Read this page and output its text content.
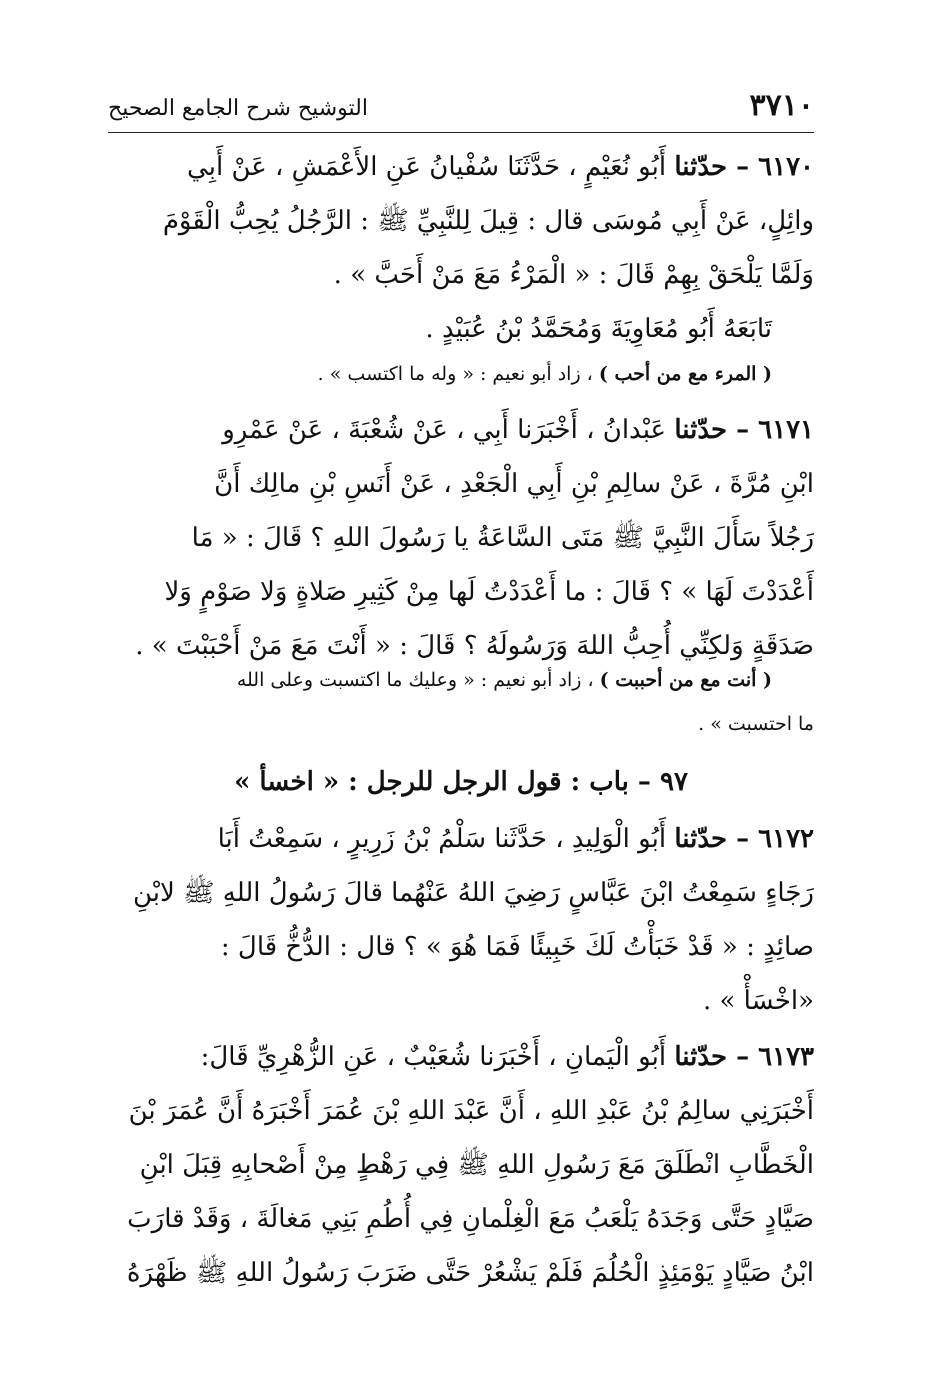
٣٧١٠
التوشيح شرح الجامع الصحيح
٦١٧٠ – حدّثنا أَبُو نُعَيْمٍ ، حَدَّثَنَا سُفْيانُ عَنِ الأَعْمَشِ ، عَنْ أَبِي
وائِلٍ، عَنْ أَبِي مُوسَى قال : قِيلَ لِلنَّبِيِّ ﷺ : الرَّجُلُ يُحِبُّ الْقَوْمَ
وَلَمَّا يَلْحَقْ بِهِمْ قَالَ : « الْمَرْءُ مَعَ مَنْ أَحَبَّ » .
تَابَعَهُ أَبُو مُعَاوِيَةَ وَمُحَمَّدُ بْنُ عُبَيْدٍ .
( المرء مع من أحب ) ، زاد أبو نعيم : « وله ما اكتسب » .
٦١٧١ – حدّثنا عَبْدانُ ، أَخْبَرَنا أَبِي ، عَنْ شُعْبَةَ ، عَنْ عَمْرِو
ابْنِ مُرَّةَ ، عَنْ سالِمِ بْنِ أَبِي الْجَعْدِ ، عَنْ أَنَسِ بْنِ مالِك أَنَّ
رَجُلاً سَأَلَ النَّبِيَّ ﷺ مَتَى السَّاعَةُ يا رَسُولَ اللهِ ؟ قَالَ : « مَا
أَعْدَدْتَ لَهَا » ؟ قَالَ : ما أَعْدَدْتُ لَها مِنْ كَثِيرِ صَلاةٍ وَلا صَوْمٍ وَلا
صَدَقَةٍ وَلكِنِّي أُحِبُّ اللهَ وَرَسُولَهُ ؟ قَالَ : « أَنْتَ مَعَ مَنْ أَحْبَبْتَ » .
( أنت مع من أحببت ) ، زاد أبو نعيم : « وعليك ما اكتسبت وعلى الله
ما احتسبت » .
٩٧ – باب : قول الرجل للرجل : « اخسأ »
٦١٧٢ – حدّثنا أَبُو الْوَلِيدِ ، حَدَّثَنا سَلْمُ بْنُ زَرِيرٍ ، سَمِعْتُ أَبَا
رَجَاءٍ سَمِعْتُ ابْنَ عَبَّاسٍ رَضِيَ اللهُ عَنْهُما قالَ رَسُولُ اللهِ ﷺ لابْنِ
صائِدٍ : « قَدْ خَبَأْتُ لَكَ خَبِيئًا فَمَا هُوَ » ؟ قال : الدُّخُّ قَالَ :
«اخْسَأْ » .
٦١٧٣ – حدّثنا أَبُو الْيَمانِ ، أَخْبَرَنا شُعَيْبٌ ، عَنِ الزُّهْرِيِّ قَالَ:
أَخْبَرَنِي سالِمُ بْنُ عَبْدِ اللهِ ، أَنَّ عَبْدَ اللهِ بْنَ عُمَرَ أَخْبَرَهُ أَنَّ عُمَرَ بْنَ
الْخَطَّابِ انْطَلَقَ مَعَ رَسُولِ اللهِ ﷺ فِي رَهْطٍ مِنْ أَصْحابِهِ قِبَلَ ابْنِ
صَيَّادٍ حَتَّى وَجَدَهُ يَلْعَبُ مَعَ الْغِلْمانِ فِي أُطُمِ بَنِي مَغالَةَ ، وَقَدْ قارَبَ
ابْنُ صَيَّادٍ يَوْمَئِذٍ الْحُلُمَ فَلَمْ يَشْعُرْ حَتَّى ضَرَبَ رَسُولُ اللهِ ﷺ ظَهْرَهُ
